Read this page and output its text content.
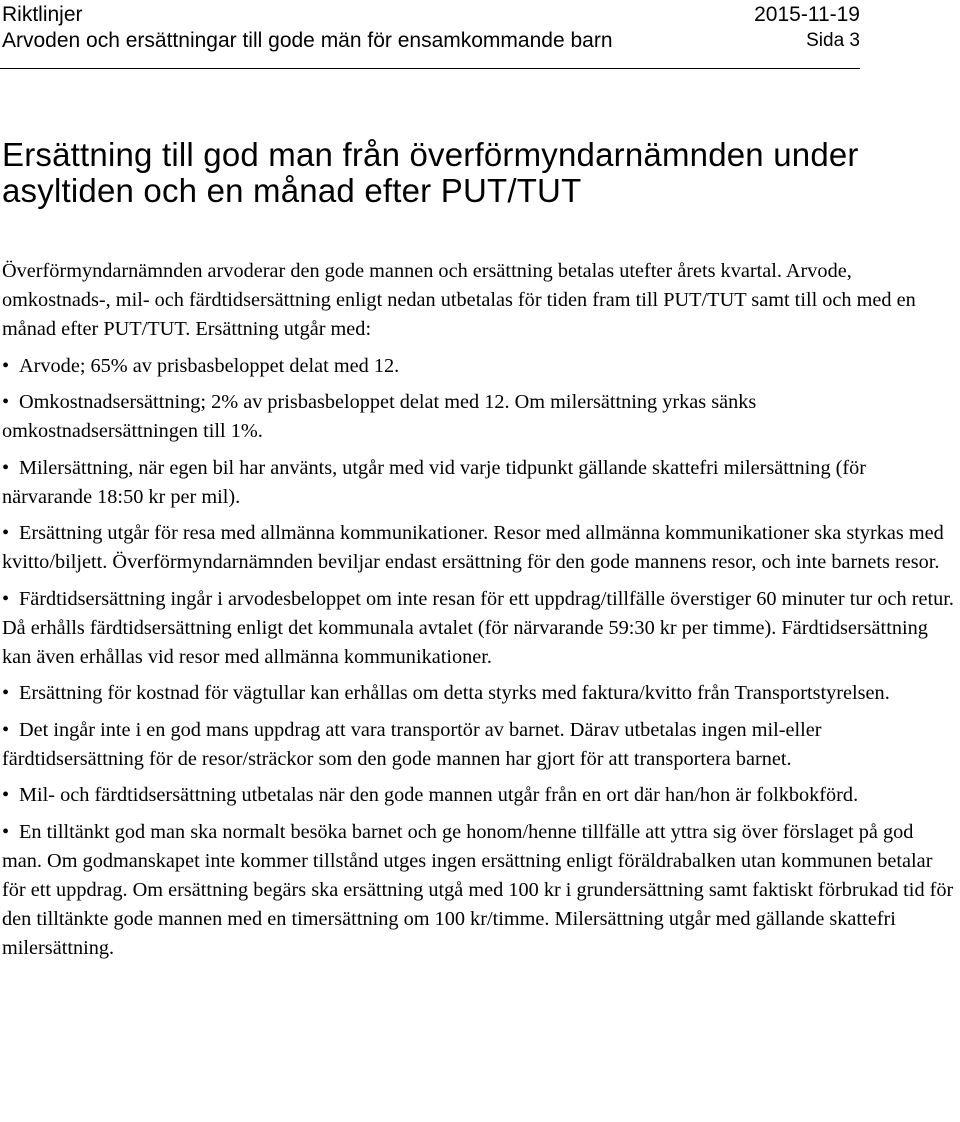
Riktlinjer	2015-11-19
Arvoden och ersättningar till gode män för ensamkommande barn	Sida 3
Ersättning till god man från överförmyndarnämnden under
asyltiden och en månad efter PUT/TUT

Överförmyndarnämnden arvoderar den gode mannen och ersättning betalas utefter årets kvartal. Arvode, omkostnads-, mil- och färdtidsersättning enligt nedan utbetalas för tiden fram till PUT/TUT samt till och med en månad efter PUT/TUT. Ersättning utgår med:

• Arvode; 65% av prisbasbeloppet delat med 12.

• Omkostnadsersättning; 2% av prisbasbeloppet delat med 12. Om milersättning yrkas sänks omkostnadsersättningen till 1%.

• Milersättning, när egen bil har använts, utgår med vid varje tidpunkt gällande skattefri milersättning (för närvarande 18:50 kr per mil).

• Ersättning utgår för resa med allmänna kommunikationer. Resor med allmänna kommunikationer ska styrkas med kvitto/biljett. Överförmyndarnämnden beviljar endast ersättning för den gode mannens resor, och inte barnets resor.

• Färdtidsersättning ingår i arvodesbeloppet om inte resan för ett uppdrag/tillfälle överstiger 60 minuter tur och retur. Då erhålls färdtidsersättning enligt det kommunala avtalet (för närvarande 59:30 kr per timme). Färdtidsersättning kan även erhållas vid resor med allmänna kommunikationer.

• Ersättning för kostnad för vägtullar kan erhållas om detta styrks med faktura/kvitto från Transportstyrelsen.

• Det ingår inte i en god mans uppdrag att vara transportör av barnet. Därav utbetalas ingen mil-eller färdtidsersättning för de resor/sträckor som den gode mannen har gjort för att transportera barnet.

• Mil- och färdtidsersättning utbetalas när den gode mannen utgår från en ort där han/hon är folkbokförd.

• En tilltänkt god man ska normalt besöka barnet och ge honom/henne tillfälle att yttra sig över förslaget på god man. Om godmanskapet inte kommer tillstånd utges ingen ersättning enligt föräldrabalken utan kommunen betalar för ett uppdrag. Om ersättning begärs ska ersättning utgå med 100 kr i grundersättning samt faktiskt förbrukad tid för den tilltänkte gode mannen med en timersättning om 100 kr/timme. Milersättning utgår med gällande skattefri milersättning.
